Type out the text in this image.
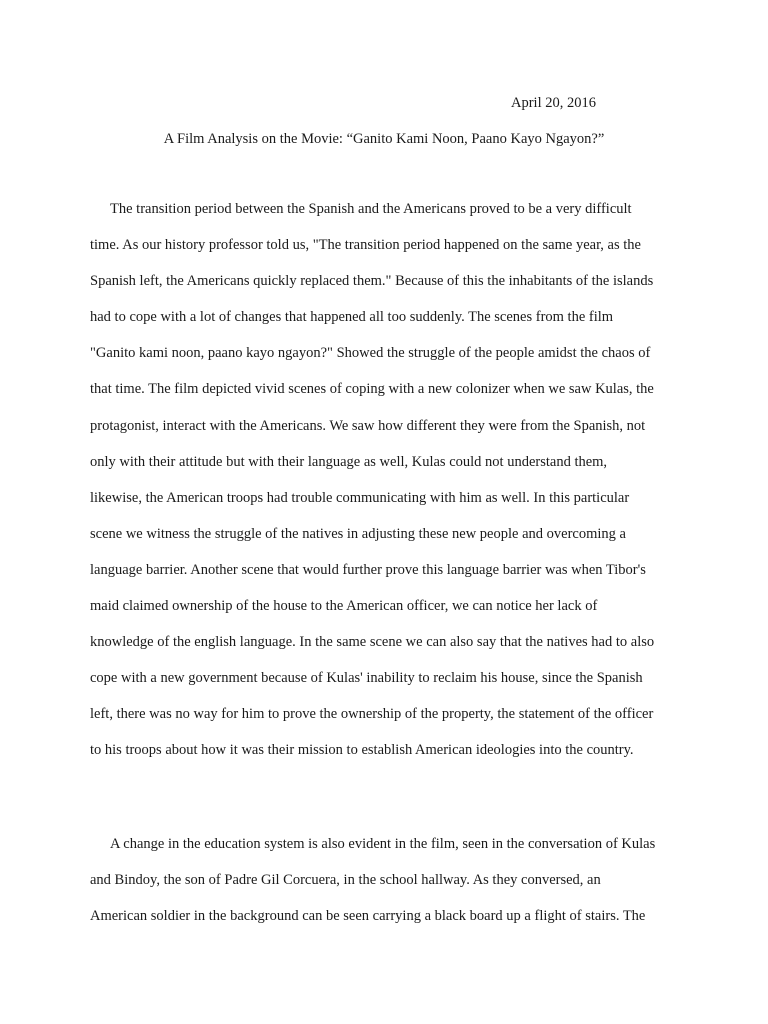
April 20, 2016
A Film Analysis on the Movie: “Ganito Kami Noon, Paano Kayo Ngayon?”
The transition period between the Spanish and the Americans proved to be a very difficult
time. As our history professor told us, "The transition period happened on the same year, as the
Spanish left, the Americans quickly replaced them." Because of this the inhabitants of the islands
had to cope with a lot of changes that happened all too suddenly. The scenes from the film
"Ganito kami noon, paano kayo ngayon?" Showed the struggle of the people amidst the chaos of
that time. The film depicted vivid scenes of coping with a new colonizer when we saw Kulas, the
protagonist, interact with the Americans. We saw how different they were from the Spanish, not
only with their attitude but with their language as well, Kulas could not understand them,
likewise, the American troops had trouble communicating with him as well. In this particular
scene we witness the struggle of the natives in adjusting these new people and overcoming a
language barrier. Another scene that would further prove this language barrier was when Tibor's
maid claimed ownership of the house to the American officer, we can notice her lack of
knowledge of the english language. In the same scene we can also say that the natives had to also
cope with a new government because of Kulas' inability to reclaim his house, since the Spanish
left, there was no way for him to prove the ownership of the property, the statement of the officer
to his troops about how it was their mission to establish American ideologies into the country.
A change in the education system is also evident in the film, seen in the conversation of Kulas
and Bindoy, the son of Padre Gil Corcuera, in the school hallway. As they conversed, an
American soldier in the background can be seen carrying a black board up a flight of stairs. The
